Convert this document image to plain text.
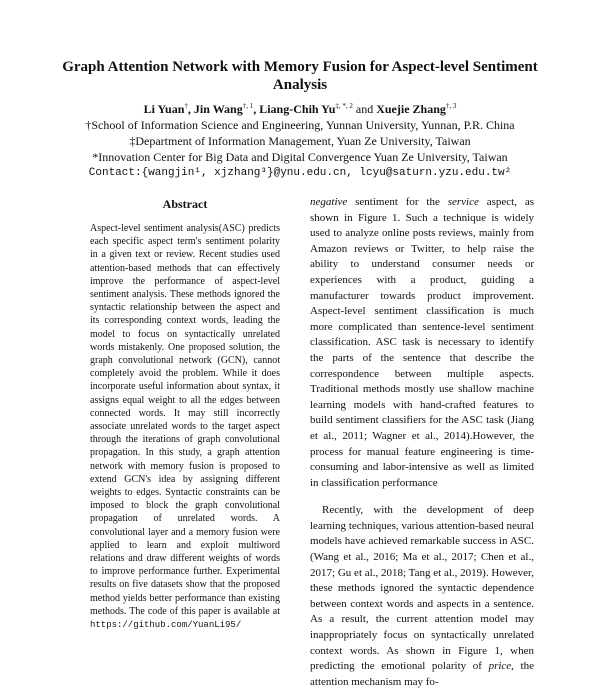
Graph Attention Network with Memory Fusion for Aspect-level Sentiment Analysis
Li Yuan†, Jin Wang$^{\dagger, 1}$, Liang-Chih $Yu^{\ddagger, *, 2}$ and Xuejie Zhang$^{\dagger, 3}$
†School of Information Science and Engineering, Yunnan University, Yunnan, P.R. China
‡Department of Information Management, Yuan Ze University, Taiwan
*Innovation Center for Big Data and Digital Convergence Yuan Ze University, Taiwan
Contact:{wangjin¹, xjzhang³}@ynu.edu.cn, lcyu@saturn.yzu.edu.tw²
Abstract
Aspect-level sentiment analysis(ASC) predicts each specific aspect term's sentiment polarity in a given text or review. Recent studies used attention-based methods that can effectively improve the performance of aspect-level sentiment analysis. These methods ignored the syntactic relationship between the aspect and its corresponding context words, leading the model to focus on syntactically unrelated words mistakenly. One proposed solution, the graph convolutional network (GCN), cannot completely avoid the problem. While it does incorporate useful information about syntax, it assigns equal weight to all the edges between connected words. It may still incorrectly associate unrelated words to the target aspect through the iterations of graph convolutional propagation. In this study, a graph attention network with memory fusion is proposed to extend GCN's idea by assigning different weights to edges. Syntactic constraints can be imposed to block the graph convolutional propagation of unrelated words. A convolutional layer and a memory fusion were applied to learn and exploit multiword relations and draw different weights of words to improve performance further. Experimental results on five datasets show that the proposed method yields better performance than existing methods. The code of this paper is available at https://github.com/YuanLi95/

negative sentiment for the service aspect, as shown in Figure 1. Such a technique is widely used to analyze online posts reviews, mainly from Amazon reviews or Twitter, to help raise the ability to understand consumer needs or experiences with a product, guiding a manufacturer towards product improvement. Aspect-level sentiment classification is much more complicated than sentence-level sentiment classification. ASC task is necessary to identify the parts of the sentence that describe the correspondence between multiple aspects. Traditional methods mostly use shallow machine learning models with hand-crafted features to build sentiment classifiers for the ASC task (Jiang et al., 2011; Wagner et al., 2014).However, the process for manual feature engineering is time-consuming and labor-intensive as well as limited in classification performance

Recently, with the development of deep learning techniques, various attention-based neural models have achieved remarkable success in ASC. (Wang et al., 2016; Ma et al., 2017; Chen et al., 2017; Gu et al., 2018; Tang et al., 2019). However, these methods ignored the syntactic dependence between context words and aspects in a sentence. As a result, the current attention model may inappropriately focus on syntactically unrelated context words. As shown in Figure 1, when predicting the emotional polarity of price, the attention mechanism may fo-
